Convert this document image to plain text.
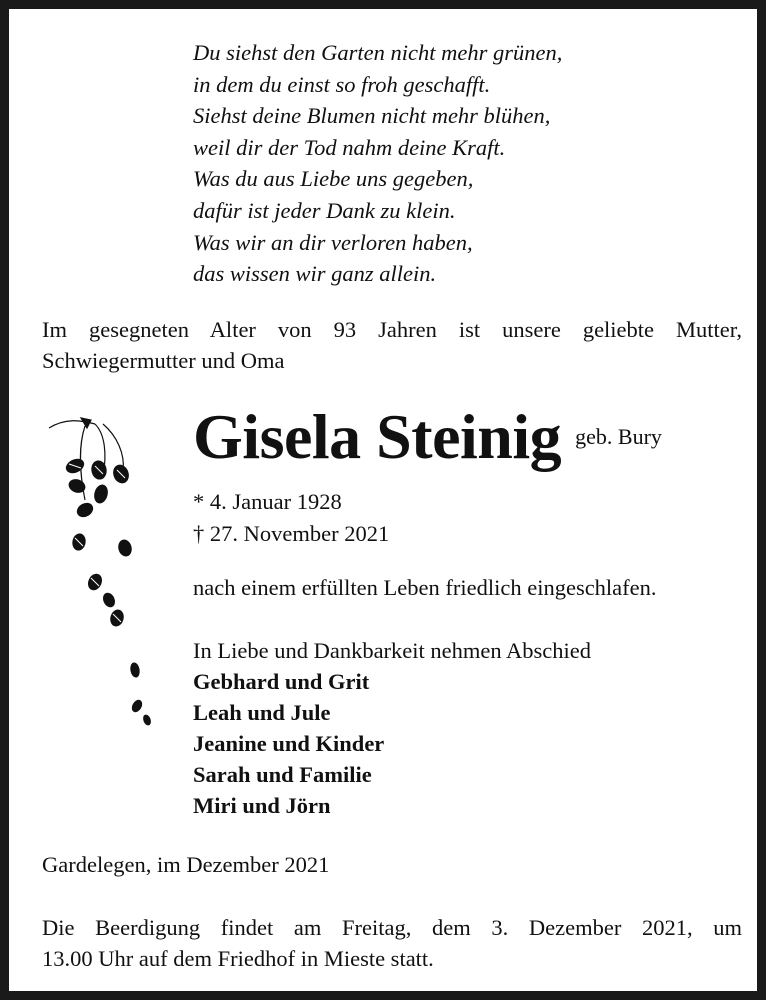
Du siehst den Garten nicht mehr grünen,
in dem du einst so froh geschafft.
Siehst deine Blumen nicht mehr blühen,
weil dir der Tod nahm deine Kraft.
Was du aus Liebe uns gegeben,
dafür ist jeder Dank zu klein.
Was wir an dir verloren haben,
das wissen wir ganz allein.
Im gesegneten Alter von 93 Jahren ist unsere geliebte Mutter,
Schwiegermutter und Oma
Gisela Steinig geb. Bury
* 4. Januar 1928
† 27. November 2021
nach einem erfüllten Leben friedlich eingeschlafen.
In Liebe und Dankbarkeit nehmen Abschied
Gebhard und Grit
Leah und Jule
Jeanine und Kinder
Sarah und Familie
Miri und Jörn
Gardelegen, im Dezember 2021
Die Beerdigung findet am Freitag, dem 3. Dezember 2021, um
13.00 Uhr auf dem Friedhof in Mieste statt.
